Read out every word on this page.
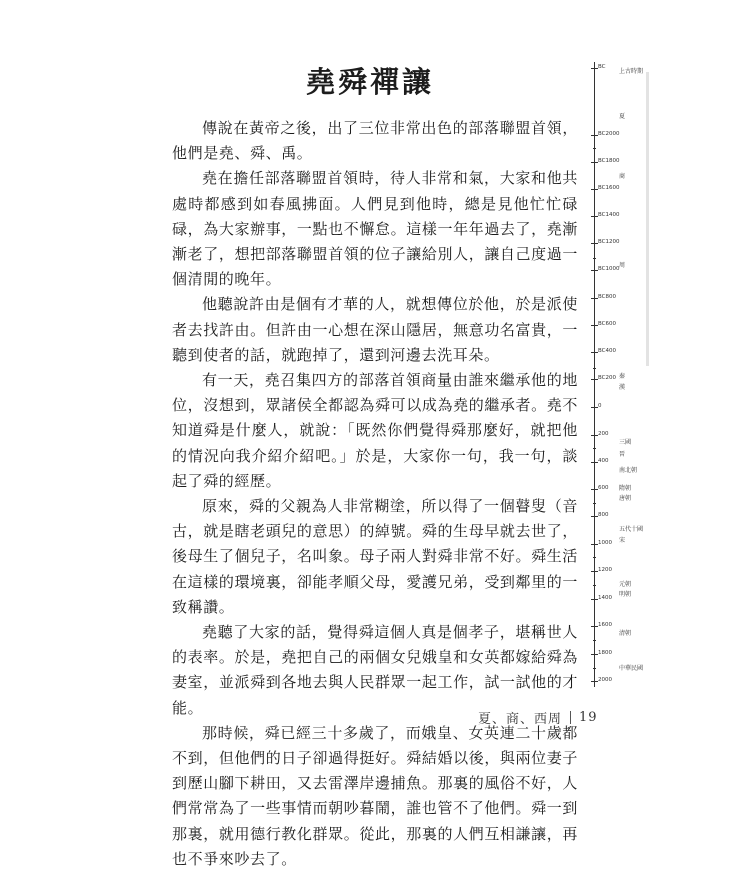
堯舜禪讓

傳說在黃帝之後，出了三位非常出色的部落聯盟首領，他們是堯、舜、禹。

堯在擔任部落聯盟首領時，待人非常和氣，大家和他共處時都感到如春風拂面。人們見到他時，總是見他忙忙碌碌，為大家辦事，一點也不懈怠。這樣一年年過去了，堯漸漸老了，想把部落聯盟首領的位子讓給別人，讓自己度過一個清閒的晚年。

他聽說許由是個有才華的人，就想傳位於他，於是派使者去找許由。但許由一心想在深山隱居，無意功名富貴，一聽到使者的話，就跑掉了，還到河邊去洗耳朵。

有一天，堯召集四方的部落首領商量由誰來繼承他的地位，沒想到，眾諸侯全都認為舜可以成為堯的繼承者。堯不知道舜是什麼人，就說：「既然你們覺得舜那麼好，就把他的情況向我介紹介紹吧。」於是，大家你一句，我一句，談起了舜的經歷。

原來，舜的父親為人非常糊塗，所以得了一個瞽叟（音古，就是瞎老頭兒的意思）的綽號。舜的生母早就去世了，後母生了個兒子，名叫象。母子兩人對舜非常不好。舜生活在這樣的環境裏，卻能孝順父母，愛護兄弟，受到鄰里的一致稱讚。

堯聽了大家的話，覺得舜這個人真是個孝子，堪稱世人的表率。於是，堯把自己的兩個女兒娥皇和女英都嫁給舜為妻室，並派舜到各地去與人民群眾一起工作，試一試他的才能。

那時候，舜已經三十多歲了，而娥皇、女英連二十歲都不到，但他們的日子卻過得挺好。舜結婚以後，與兩位妻子到歷山腳下耕田，又去雷澤岸邊捕魚。那裏的風俗不好，人們常常為了一些事情而朝吵暮鬧，誰也管不了他們。舜一到那裏，就用德行教化群眾。從此，那裏的人們互相謙讓，再也不爭來吵去了。

BC
BC2000
BC1800
BC1600
BC1400
BC1200
BC1000
BC800
BC600
BC400
BC200
0
200
400
600
800
1000
1200
1400
1600
1800
2000
上古時期
夏
商
周
秦
漢
三國
晉
南北朝
隋朝
唐朝
五代十國
宋
元朝
明朝
清朝
中華民國
夏、商、西周 19
